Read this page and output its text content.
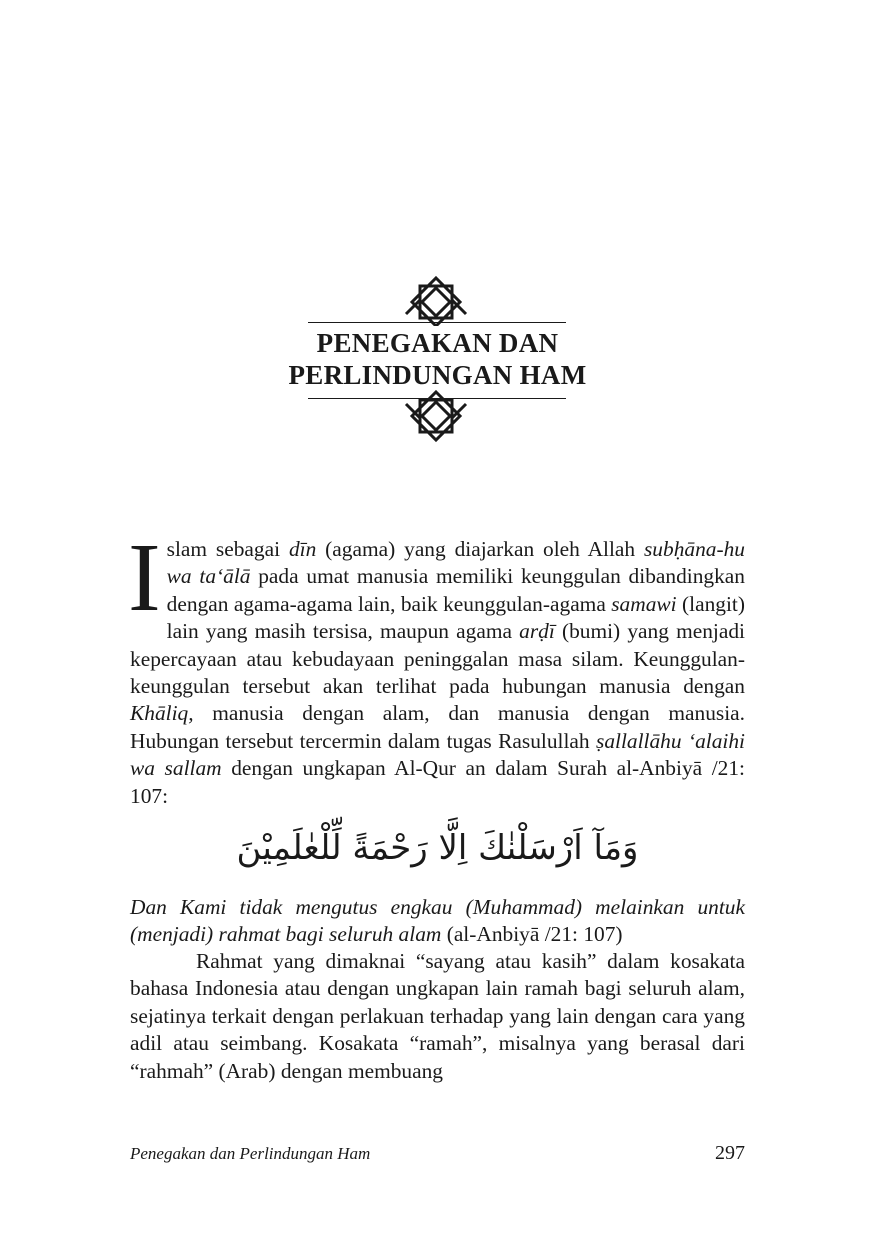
PENEGAKAN DAN
PERLINDUNGAN HAM

I slam sebagai dīn (agama) yang diajarkan oleh Allah subḥāna-hu wa ta‘ālā pada umat manusia memiliki keunggulan dibandingkan dengan agama-agama lain, baik keunggulan-agama samawi (langit) lain yang masih tersisa, maupun agama arḍī (bumi) yang menjadi kepercayaan atau kebudayaan peninggalan masa silam. Keunggulan-keunggulan tersebut akan terlihat pada hubungan manusia dengan Khāliq, manusia dengan alam, dan manusia dengan manusia. Hubungan tersebut tercermin dalam tugas Rasulullah ṣallallāhu ‘alaihi wa sallam dengan ungkapan Al-Qur an dalam Surah al-Anbiyā /21: 107:

وَمَآ اَرْسَلْنٰكَ اِلَّا رَحْمَةً لِّلْعٰلَمِيْنَ
Dan Kami tidak mengutus engkau (Muhammad) melainkan untuk (menjadi) rahmat bagi seluruh alam (al-Anbiyā /21: 107)

Rahmat yang dimaknai “sayang atau kasih” dalam kosakata bahasa Indonesia atau dengan ungkapan lain ramah bagi seluruh alam, sejatinya terkait dengan perlakuan terhadap yang lain dengan cara yang adil atau seimbang. Kosakata “ramah”, misalnya yang berasal dari “rahmah” (Arab) dengan membuang

Penegakan dan Perlindungan Ham	297
